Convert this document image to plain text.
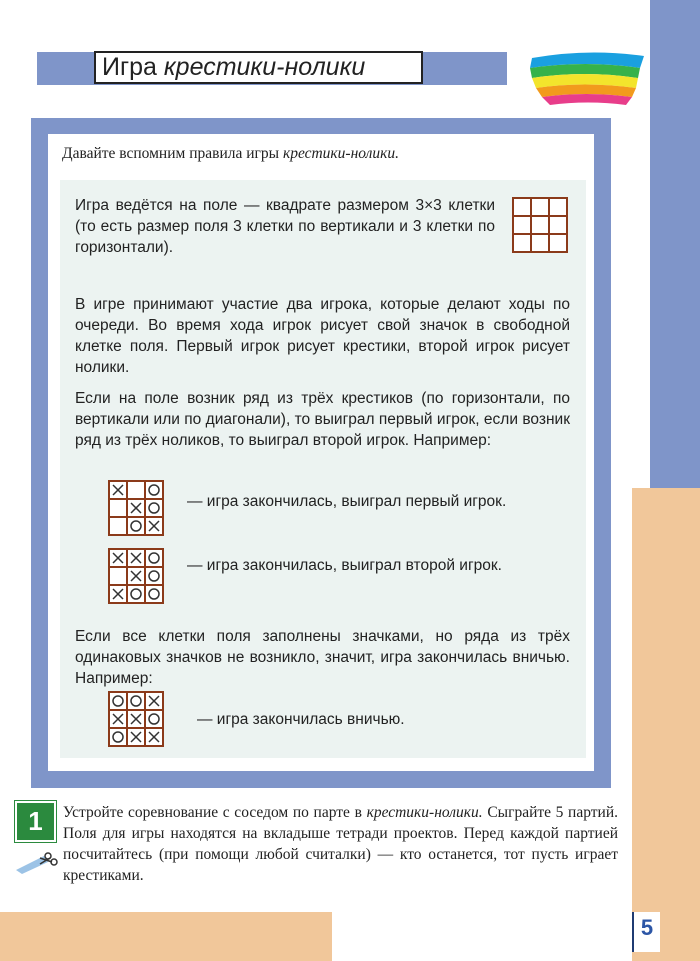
5
Игра крестики-нолики
Давайте вспомним правила игры крестики-нолики.
Игра ведётся на поле — квадрате размером 3×3 клетки (то есть размер поля 3 клетки по вертикали и 3 клетки по горизонтали).
В игре принимают участие два игрока, которые делают ходы по очереди. Во время хода игрок рисует свой значок в свободной клетке поля. Первый игрок рисует крестики, второй игрок рисует нолики.
Если на поле возник ряд из трёх крестиков (по горизонтали, по вертикали или по диагонали), то выиграл первый игрок, если возник ряд из трёх ноликов, то выиграл второй игрок. Например:
— игра закончилась, выиграл первый игрок.
— игра закончилась, выиграл второй игрок.
Если все клетки поля заполнены значками, но ряда из трёх одинаковых значков не возникло, значит, игра закончилась вничью. Например:
— игра закончилась вничью.
1	Устройте соревнование с соседом по парте в крестики-нолики. Сыграйте 5 партий. Поля для игры находятся на вкладыше тетради проектов. Перед каждой партией посчитайтесь (при помощи любой считалки) — кто останется, тот пусть играет крестиками.
